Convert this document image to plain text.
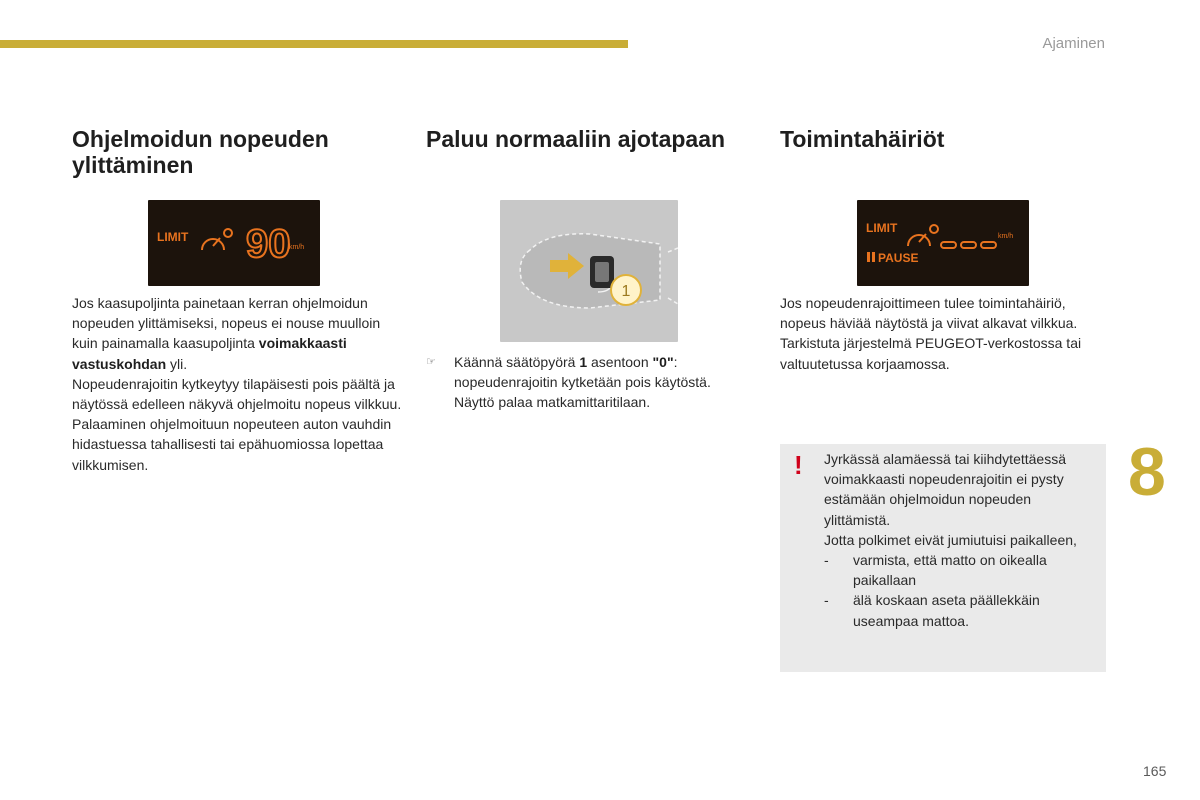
Ajaminen
8
165
Ohjelmoidun nopeuden ylittäminen
LIMIT 90
km/h

Jos kaasupoljinta painetaan kerran ohjelmoidun nopeuden ylittämiseksi, nopeus ei nouse muulloin kuin painamalla kaasupoljinta voimakkaasti vastuskohdan yli.

Nopeudenrajoitin kytkeytyy tilapäisesti pois päältä ja näytössä edelleen näkyvä ohjelmoitu nopeus vilkkuu.

Palaaminen ohjelmoituun nopeuteen auton vauhdin hidastuessa tahallisesti tai epähuomiossa lopettaa vilkkumisen.

Paluu normaaliin ajotapaan
1
☞ Käännä säätöpyörä 1 asentoon "0": nopeudenrajoitin kytketään pois käytöstä. Näyttö palaa matkamittaritilaan.
Toimintahäiriöt
LIMIT
PAUSE
km/h

Jos nopeudenrajoittimeen tulee toimintahäiriö, nopeus häviää näytöstä ja viivat alkavat vilkkua.

Tarkistuta järjestelmä PEUGEOT-verkostossa tai valtuutetussa korjaamossa.

! Jyrkässä alamäessä tai kiihdytettäessä voimakkaasti nopeudenrajoitin ei pysty estämään ohjelmoidun nopeuden ylittämistä.

Jotta polkimet eivät jumiutuisi paikalleen,

- varmista, että matto on oikealla paikallaan
- älä koskaan aseta päällekkäin useampaa mattoa.
